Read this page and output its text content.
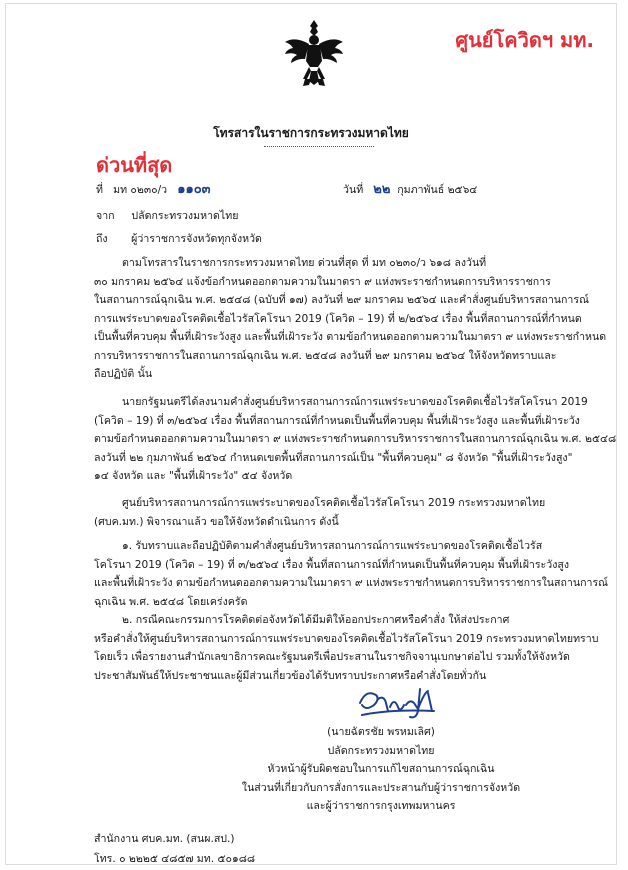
ศูนย์โควิดฯ มท.
โทรสารในราชการกระทรวงมหาดไทย
ด่วนที่สุด
ที่ มท ๐๒๓๐/ว ๑๑๐๓	วันที่ ๒๒ กุมภาพันธ์ ๒๕๖๔
จาก ปลัดกระทรวงมหาดไทย
ถึง ผู้ว่าราชการจังหวัดทุกจังหวัด
ตามโทรสารในราชการกระทรวงมหาดไทย ด่วนที่สุด ที่ มท ๐๒๓๐/ว ๖๑๘ ลงวันที่
๓๐ มกราคม ๒๕๖๔ แจ้งข้อกำหนดออกตามความในมาตรา ๙ แห่งพระราชกำหนดการบริหารราชการ
ในสถานการณ์ฉุกเฉิน พ.ศ. ๒๕๔๘ (ฉบับที่ ๑๗) ลงวันที่ ๒๙ มกราคม ๒๕๖๔ และคำสั่งศูนย์บริหารสถานการณ์
การแพร่ระบาดของโรคติดเชื้อไวรัสโคโรนา 2019 (โควิด – 19) ที่ ๒/๒๕๖๔ เรื่อง พื้นที่สถานการณ์ที่กำหนด
เป็นพื้นที่ควบคุม พื้นที่เฝ้าระวังสูง และพื้นที่เฝ้าระวัง ตามข้อกำหนดออกตามความในมาตรา ๙ แห่งพระราชกำหนด
การบริหารราชการในสถานการณ์ฉุกเฉิน พ.ศ. ๒๕๔๘ ลงวันที่ ๒๙ มกราคม ๒๕๖๔ ให้จังหวัดทราบและ
ถือปฏิบัติ นั้น
นายกรัฐมนตรีได้ลงนามคำสั่งศูนย์บริหารสถานการณ์การแพร่ระบาดของโรคติดเชื้อไวรัสโคโรนา 2019
(โควิด – 19) ที่ ๓/๒๕๖๔ เรื่อง พื้นที่สถานการณ์ที่กำหนดเป็นพื้นที่ควบคุม พื้นที่เฝ้าระวังสูง และพื้นที่เฝ้าระวัง
ตามข้อกำหนดออกตามความในมาตรา ๙ แห่งพระราชกำหนดการบริหารราชการในสถานการณ์ฉุกเฉิน พ.ศ. ๒๕๔๘
ลงวันที่ ๒๒ กุมภาพันธ์ ๒๕๖๔ กำหนดเขตพื้นที่สถานการณ์เป็น "พื้นที่ควบคุม" ๘ จังหวัด "พื้นที่เฝ้าระวังสูง"
๑๔ จังหวัด และ "พื้นที่เฝ้าระวัง" ๕๔ จังหวัด
ศูนย์บริหารสถานการณ์การแพร่ระบาดของโรคติดเชื้อไวรัสโคโรนา 2019 กระทรวงมหาดไทย
(ศบค.มท.) พิจารณาแล้ว ขอให้จังหวัดดำเนินการ ดังนี้
๑. รับทราบและถือปฏิบัติตามคำสั่งศูนย์บริหารสถานการณ์การแพร่ระบาดของโรคติดเชื้อไวรัส
โคโรนา 2019 (โควิด – 19) ที่ ๓/๒๕๖๔ เรื่อง พื้นที่สถานการณ์ที่กำหนดเป็นพื้นที่ควบคุม พื้นที่เฝ้าระวังสูง
และพื้นที่เฝ้าระวัง ตามข้อกำหนดออกตามความในมาตรา ๙ แห่งพระราชกำหนดการบริหารราชการในสถานการณ์
ฉุกเฉิน พ.ศ. ๒๕๔๘ โดยเคร่งครัด
๒. กรณีคณะกรรมการโรคติดต่อจังหวัดได้มีมติให้ออกประกาศหรือคำสั่ง ให้ส่งประกาศ
หรือคำสั่งให้ศูนย์บริหารสถานการณ์การแพร่ระบาดของโรคติดเชื้อไวรัสโคโรนา 2019 กระทรวงมหาดไทยทราบ
โดยเร็ว เพื่อรายงานสำนักเลขาธิการคณะรัฐมนตรีเพื่อประสานในราชกิจจานุเบกษาต่อไป รวมทั้งให้จังหวัด
ประชาสัมพันธ์ให้ประชาชนและผู้มีส่วนเกี่ยวข้องได้รับทราบประกาศหรือคำสั่งโดยทั่วกัน
(นายฉัตรชัย พรหมเลิศ)
ปลัดกระทรวงมหาดไทย
หัวหน้าผู้รับผิดชอบในการแก้ไขสถานการณ์ฉุกเฉิน
ในส่วนที่เกี่ยวกับการสั่งการและประสานกับผู้ว่าราชการจังหวัด
และผู้ว่าราชการกรุงเทพมหานคร
สำนักงาน ศบค.มท. (สนผ.สป.)
โทร. ๐ ๒๒๒๕ ๔๘๕๗ มท. ๕๐๑๘๘
